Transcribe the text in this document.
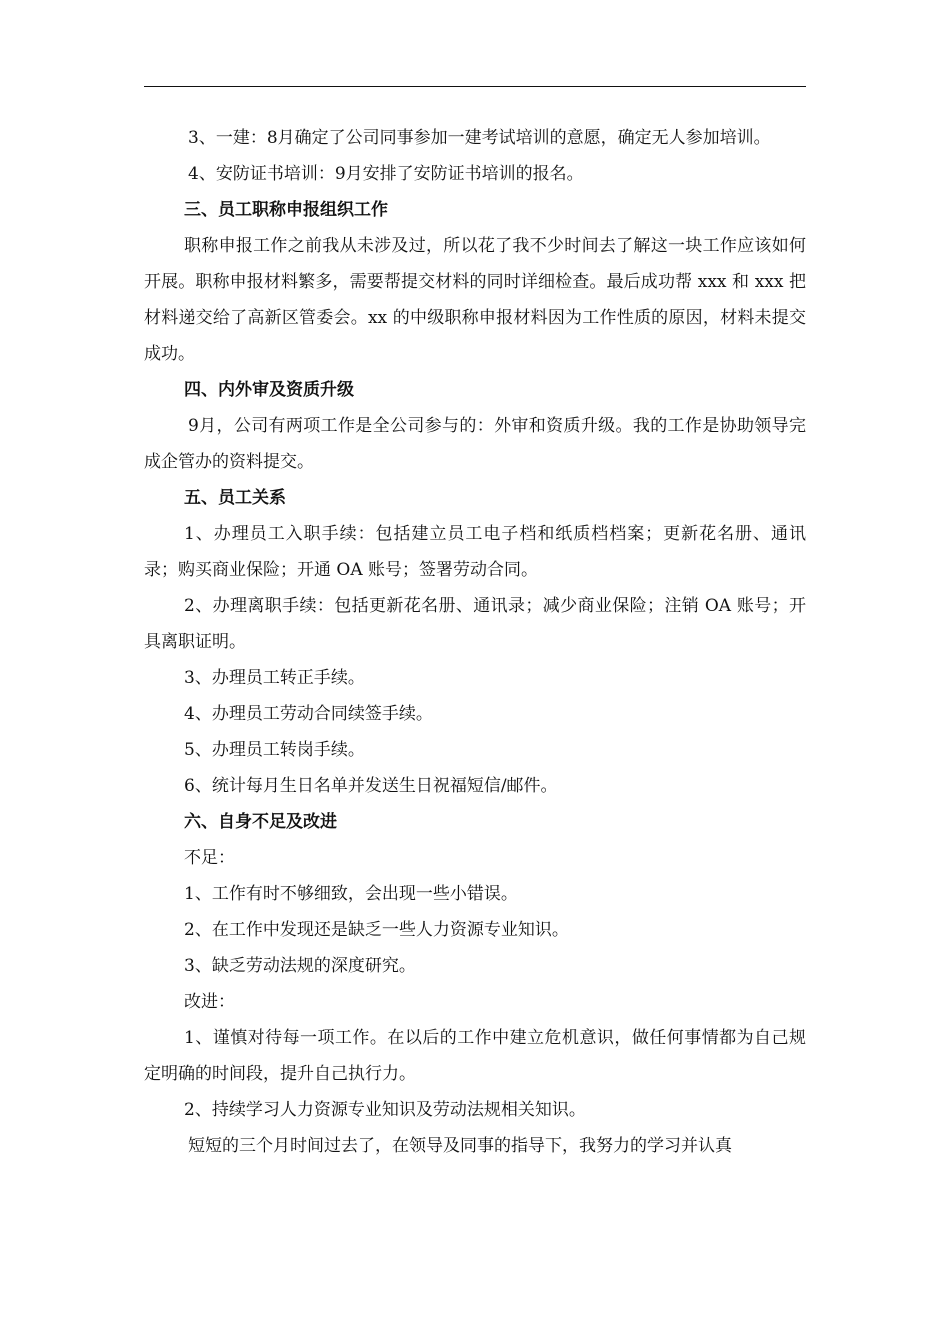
3、一建：8月确定了公司同事参加一建考试培训的意愿，确定无人参加培训。

4、安防证书培训：9月安排了安防证书培训的报名。

三、员工职称申报组织工作

职称申报工作之前我从未涉及过，所以花了我不少时间去了解这一块工作应该如何开展。职称申报材料繁多，需要帮提交材料的同时详细检查。最后成功帮 xxx 和 xxx 把材料递交给了高新区管委会。xx 的中级职称申报材料因为工作性质的原因，材料未提交成功。

四、内外审及资质升级

9月，公司有两项工作是全公司参与的：外审和资质升级。我的工作是协助领导完成企管办的资料提交。

五、员工关系

1、办理员工入职手续：包括建立员工电子档和纸质档档案；更新花名册、通讯录；购买商业保险；开通 OA 账号；签署劳动合同。

2、办理离职手续：包括更新花名册、通讯录；减少商业保险；注销 OA 账号；开具离职证明。

3、办理员工转正手续。

4、办理员工劳动合同续签手续。

5、办理员工转岗手续。

6、统计每月生日名单并发送生日祝福短信/邮件。

六、自身不足及改进

不足：

1、工作有时不够细致，会出现一些小错误。

2、在工作中发现还是缺乏一些人力资源专业知识。

3、缺乏劳动法规的深度研究。

改进：

1、谨慎对待每一项工作。在以后的工作中建立危机意识，做任何事情都为自己规定明确的时间段，提升自己执行力。

2、持续学习人力资源专业知识及劳动法规相关知识。

短短的三个月时间过去了，在领导及同事的指导下，我努力的学习并认真
